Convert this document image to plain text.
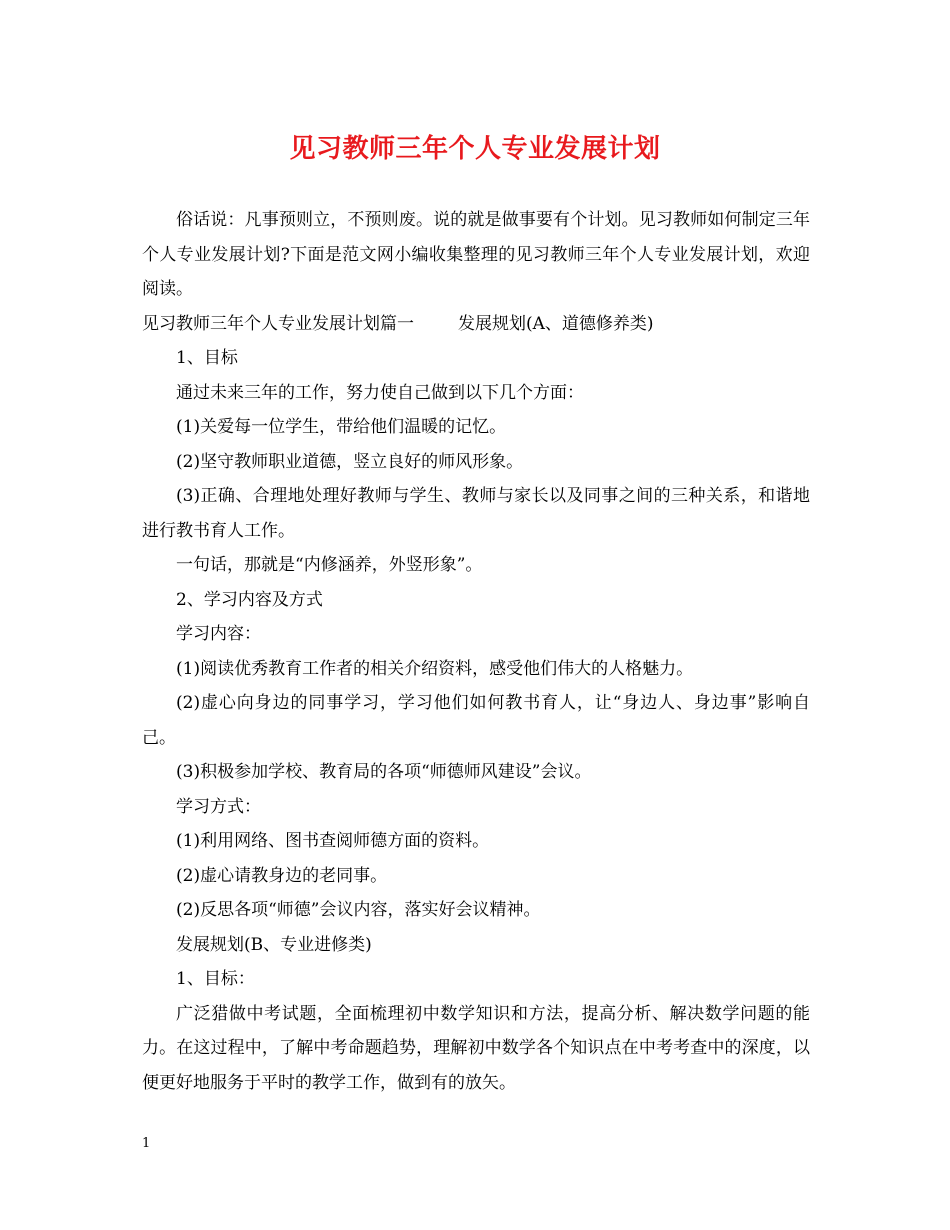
见习教师三年个人专业发展计划

俗话说：凡事预则立，不预则废。说的就是做事要有个计划。见习教师如何制定三年个人专业发展计划?下面是范文网小编收集整理的见习教师三年个人专业发展计划，欢迎阅读。

见习教师三年个人专业发展计划篇一	发展规划(A、道德修养类)

1、目标

通过未来三年的工作，努力使自己做到以下几个方面：

(1)关爱每一位学生，带给他们温暖的记忆。

(2)坚守教师职业道德，竖立良好的师风形象。

(3)正确、合理地处理好教师与学生、教师与家长以及同事之间的三种关系，和谐地进行教书育人工作。

一句话，那就是“内修涵养，外竖形象”。

2、学习内容及方式

学习内容：

(1)阅读优秀教育工作者的相关介绍资料，感受他们伟大的人格魅力。

(2)虚心向身边的同事学习，学习他们如何教书育人，让“身边人、身边事”影响自己。

(3)积极参加学校、教育局的各项“师德师风建设”会议。

学习方式：

(1)利用网络、图书查阅师德方面的资料。

(2)虚心请教身边的老同事。

(2)反思各项“师德”会议内容，落实好会议精神。

发展规划(B、专业进修类)

1、目标：

广泛猎做中考试题，全面梳理初中数学知识和方法，提高分析、解决数学问题的能力。在这过程中，了解中考命题趋势，理解初中数学各个知识点在中考考查中的深度，以便更好地服务于平时的教学工作，做到有的放矢。

1
